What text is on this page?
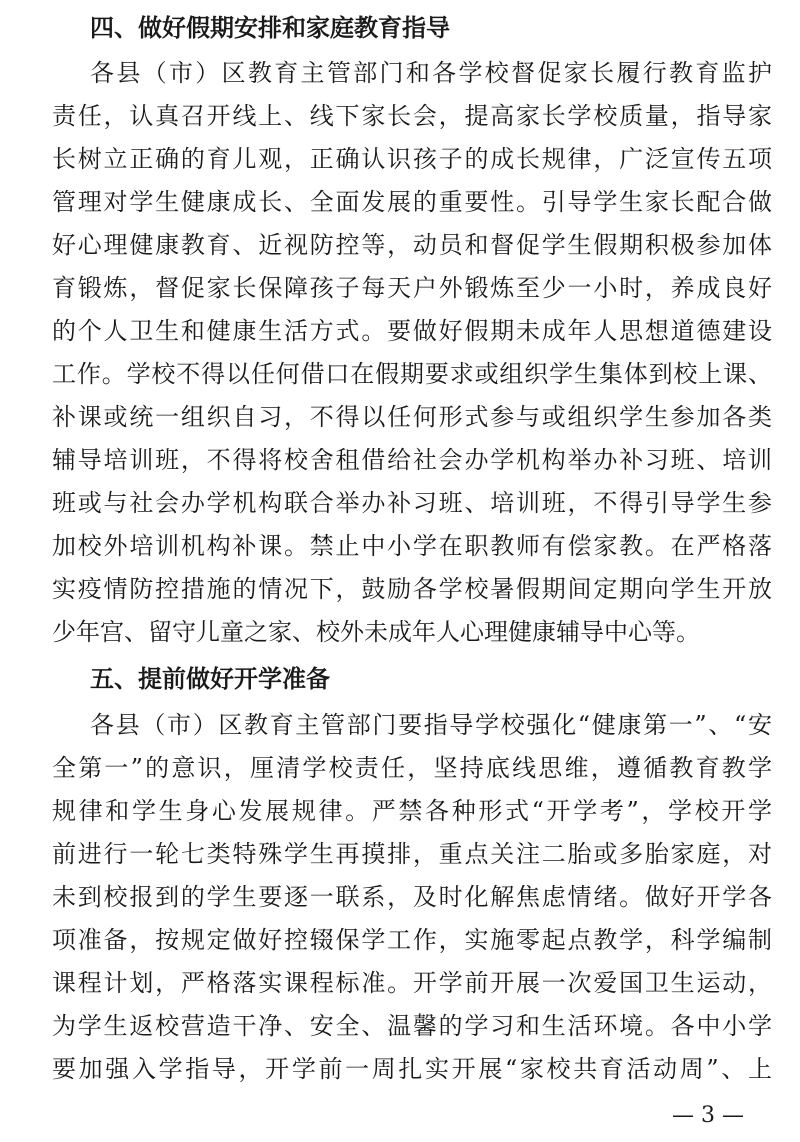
四、做好假期安排和家庭教育指导
各县（市）区教育主管部门和各学校督促家长履行教育监护
责任，认真召开线上、线下家长会，提高家长学校质量，指导家
长树立正确的育儿观，正确认识孩子的成长规律，广泛宣传五项
管理对学生健康成长、全面发展的重要性。引导学生家长配合做
好心理健康教育、近视防控等，动员和督促学生假期积极参加体
育锻炼，督促家长保障孩子每天户外锻炼至少一小时，养成良好
的个人卫生和健康生活方式。要做好假期未成年人思想道德建设
工作。学校不得以任何借口在假期要求或组织学生集体到校上课、
补课或统一组织自习，不得以任何形式参与或组织学生参加各类
辅导培训班，不得将校舍租借给社会办学机构举办补习班、培训
班或与社会办学机构联合举办补习班、培训班，不得引导学生参
加校外培训机构补课。禁止中小学在职教师有偿家教。在严格落
实疫情防控措施的情况下，鼓励各学校暑假期间定期向学生开放
少年宫、留守儿童之家、校外未成年人心理健康辅导中心等。
五、提前做好开学准备
各县（市）区教育主管部门要指导学校强化“健康第一”、“安
全第一”的意识，厘清学校责任，坚持底线思维，遵循教育教学
规律和学生身心发展规律。严禁各种形式“开学考”，学校开学
前进行一轮七类特殊学生再摸排，重点关注二胎或多胎家庭，对
未到校报到的学生要逐一联系，及时化解焦虑情绪。做好开学各
项准备，按规定做好控辍保学工作，实施零起点教学，科学编制
课程计划，严格落实课程标准。开学前开展一次爱国卫生运动，
为学生返校营造干净、安全、温馨的学习和生活环境。各中小学
要加强入学指导，开学前一周扎实开展“家校共育活动周”、上
— 3 —
